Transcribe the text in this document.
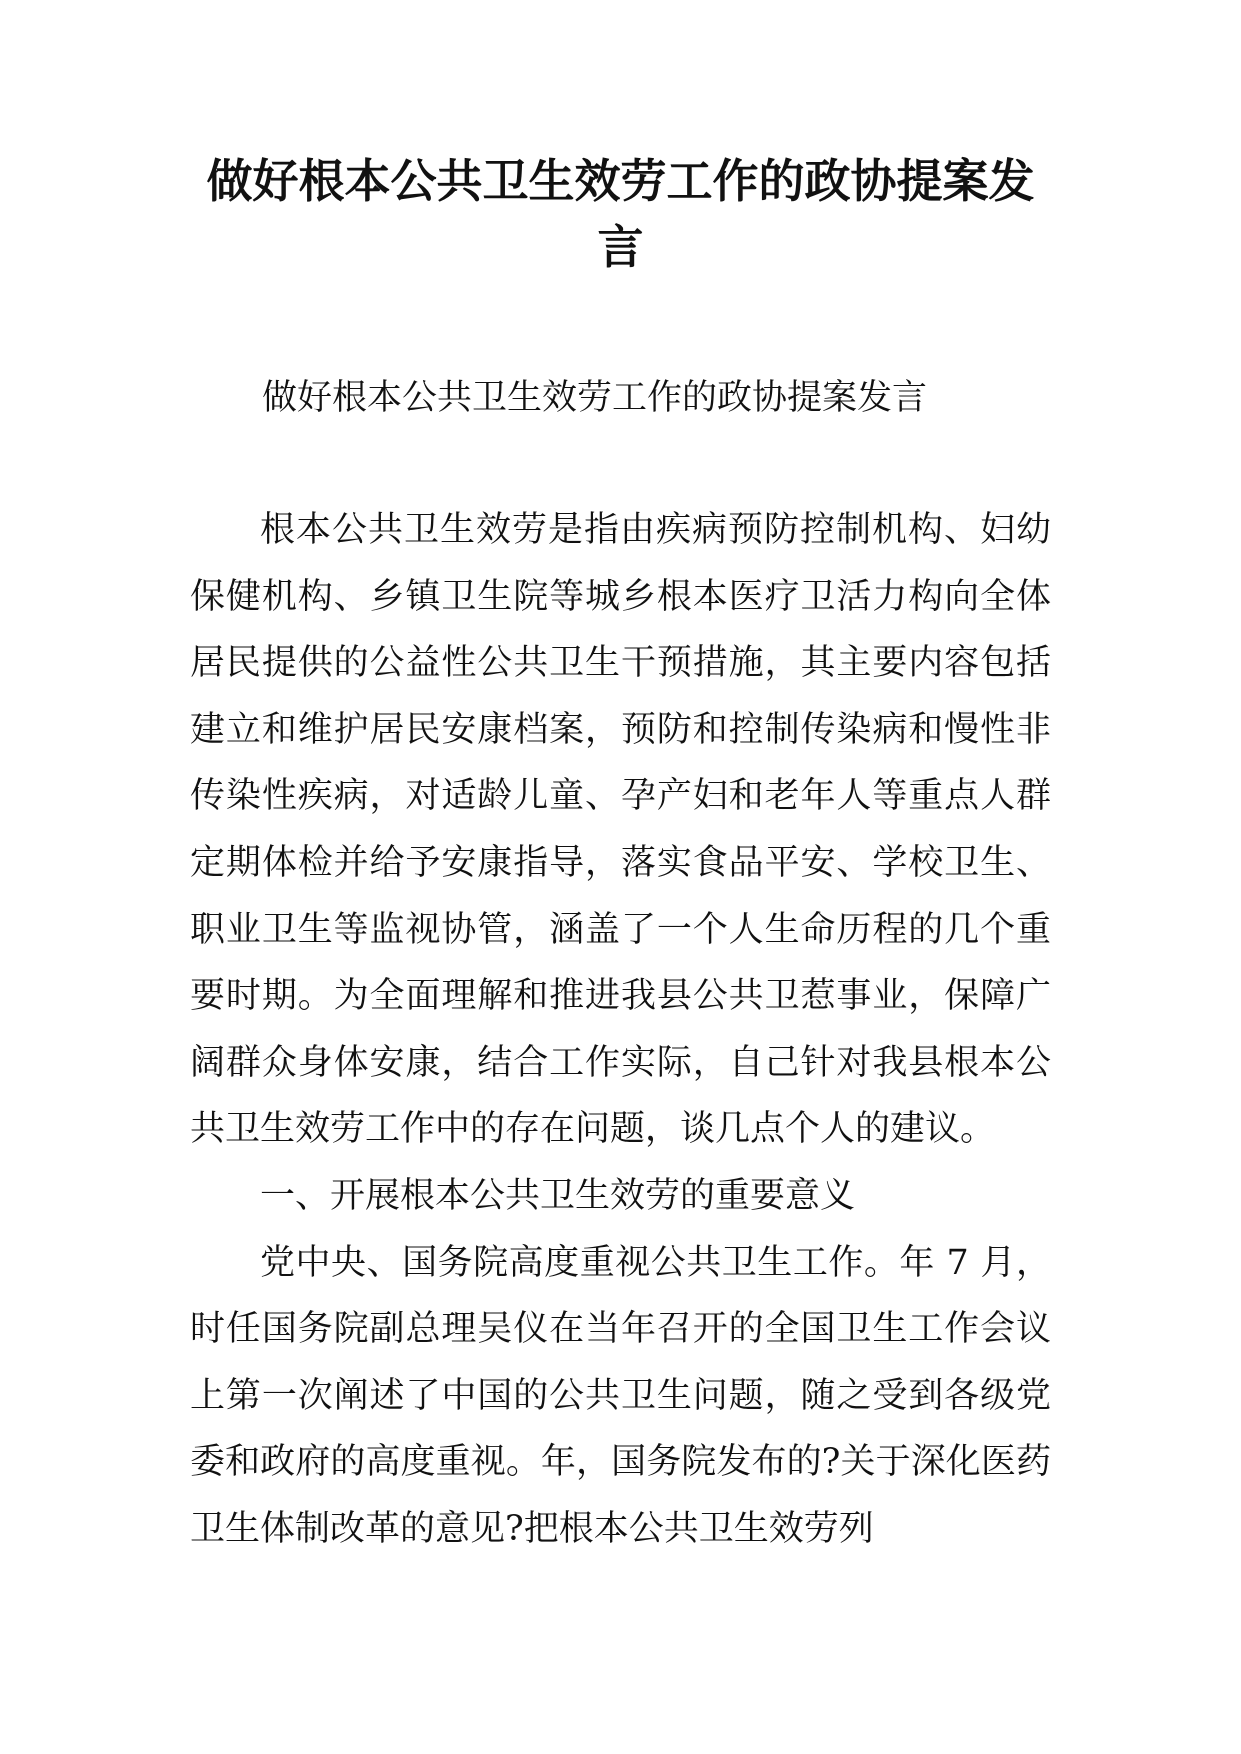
做好根本公共卫生效劳工作的政协提案发言
做好根本公共卫生效劳工作的政协提案发言

根本公共卫生效劳是指由疾病预防控制机构、妇幼保健机构、乡镇卫生院等城乡根本医疗卫活力构向全体居民提供的公益性公共卫生干预措施，其主要内容包括建立和维护居民安康档案，预防和控制传染病和慢性非传染性疾病，对适龄儿童、孕产妇和老年人等重点人群定期体检并给予安康指导，落实食品平安、学校卫生、职业卫生等监视协管，涵盖了一个人生命历程的几个重要时期。为全面理解和推进我县公共卫惹事业，保障广阔群众身体安康，结合工作实际，自己针对我县根本公共卫生效劳工作中的存在问题，谈几点个人的建议。

一、开展根本公共卫生效劳的重要意义

党中央、国务院高度重视公共卫生工作。年 7 月，时任国务院副总理吴仪在当年召开的全国卫生工作会议上第一次阐述了中国的公共卫生问题，随之受到各级党委和政府的高度重视。年，国务院发布的?关于深化医药卫生体制改革的意见?把根本公共卫生效劳列
